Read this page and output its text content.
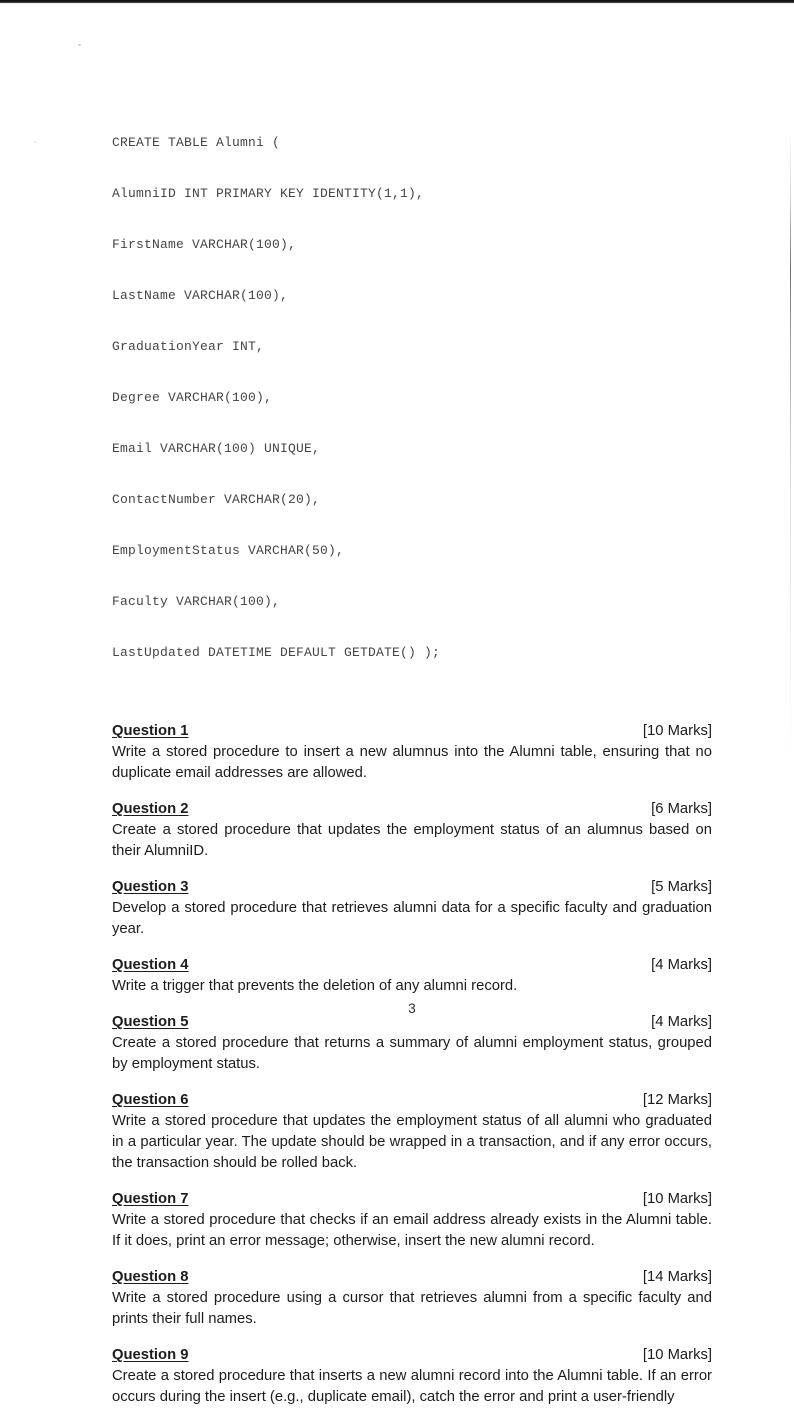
CREATE TABLE Alumni (

AlumniID INT PRIMARY KEY IDENTITY(1,1),

FirstName VARCHAR(100),

LastName VARCHAR(100),

GraduationYear INT,

Degree VARCHAR(100),

Email VARCHAR(100) UNIQUE,

ContactNumber VARCHAR(20),

EmploymentStatus VARCHAR(50),

Faculty VARCHAR(100),

LastUpdated DATETIME DEFAULT GETDATE() );

Question 1	[10 Marks]
Write a stored procedure to insert a new alumnus into the Alumni table, ensuring that no duplicate email addresses are allowed.
Question 2	[6 Marks]
Create a stored procedure that updates the employment status of an alumnus based on their AlumniID.
Question 3	[5 Marks]
Develop a stored procedure that retrieves alumni data for a specific faculty and graduation year.
Question 4	[4 Marks]
Write a trigger that prevents the deletion of any alumni record.
Question 5	[4 Marks]
Create a stored procedure that returns a summary of alumni employment status, grouped by employment status.
Question 6	[12 Marks]
Write a stored procedure that updates the employment status of all alumni who graduated in a particular year. The update should be wrapped in a transaction, and if any error occurs, the transaction should be rolled back.
Question 7	[10 Marks]
Write a stored procedure that checks if an email address already exists in the Alumni table. If it does, print an error message; otherwise, insert the new alumni record.
Question 8	[14 Marks]
Write a stored procedure using a cursor that retrieves alumni from a specific faculty and prints their full names.
Question 9	[10 Marks]
Create a stored procedure that inserts a new alumni record into the Alumni table. If an error occurs during the insert (e.g., duplicate email), catch the error and print a user-friendly
3
